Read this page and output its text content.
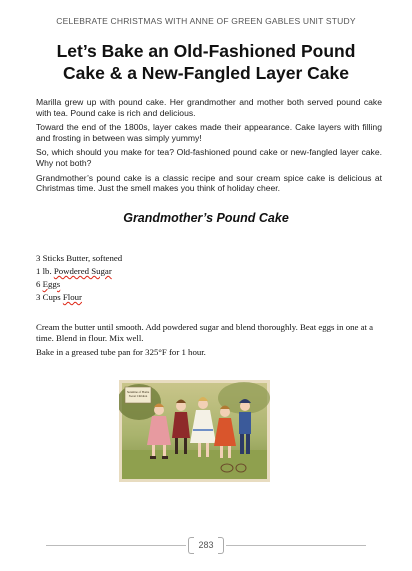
CELEBRATE CHRISTMAS WITH ANNE OF GREEN GABLES UNIT STUDY
Let’s Bake an Old-Fashioned Pound
Cake & a New-Fangled Layer Cake

Marilla grew up with pound cake. Her grandmother and mother both served pound cake with tea. Pound cake is rich and delicious.

Toward the end of the 1800s, layer cakes made their appearance. Cake layers with filling and frosting in between was simply yummy!

So, which should you make for tea? Old-fashioned pound cake or new-fangled layer cake. Why not both?

Grandmother’s pound cake is a classic recipe and sour cream spice cake is delicious at Christmas time. Just the smell makes you think of holiday cheer.

Grandmother’s Pound Cake
3 Sticks Butter, softened
1 lb. Powdered Sugar
6 Eggs
3 Cups Flour

Cream the butter until smooth. Add powdered sugar and blend thoroughly. Beat eggs in one at a time. Blend in flour. Mix well.

Bake in a greased tube pan for 325°F for 1 hour.

Sunshine of Home
Sweet Children
283
